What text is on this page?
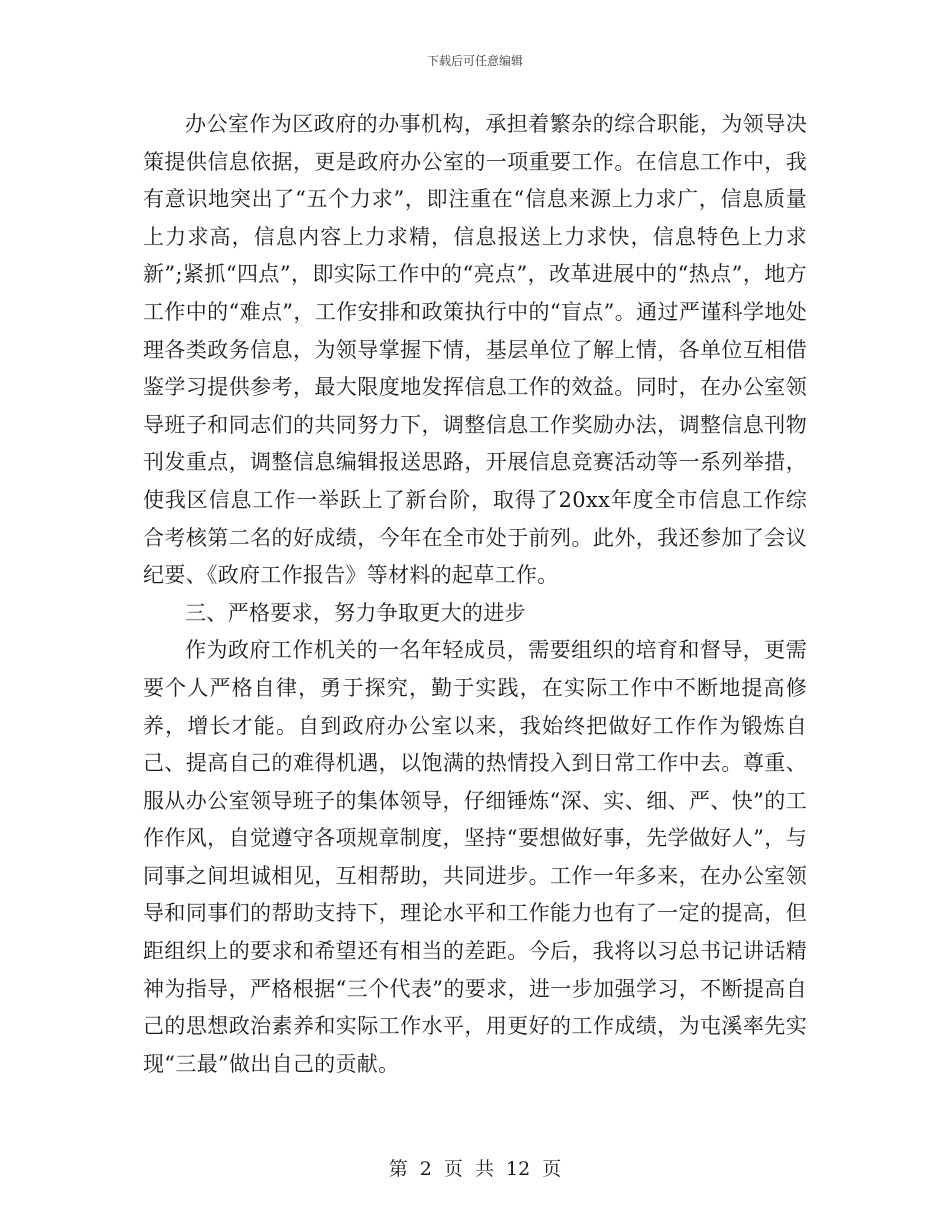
下载后可任意编辑

办公室作为区政府的办事机构，承担着繁杂的综合职能，为领导决策提供信息依据，更是政府办公室的一项重要工作。在信息工作中，我有意识地突出了“五个力求”，即注重在“信息来源上力求广，信息质量上力求高，信息内容上力求精，信息报送上力求快，信息特色上力求新”;紧抓“四点”，即实际工作中的“亮点”，改革进展中的“热点”，地方工作中的“难点”，工作安排和政策执行中的“盲点”。通过严谨科学地处理各类政务信息，为领导掌握下情，基层单位了解上情，各单位互相借鉴学习提供参考，最大限度地发挥信息工作的效益。同时，在办公室领导班子和同志们的共同努力下，调整信息工作奖励办法，调整信息刊物刊发重点，调整信息编辑报送思路，开展信息竞赛活动等一系列举措，使我区信息工作一举跃上了新台阶，取得了20xx年度全市信息工作综合考核第二名的好成绩，今年在全市处于前列。此外，我还参加了会议纪要、《政府工作报告》等材料的起草工作。

三、严格要求，努力争取更大的进步

作为政府工作机关的一名年轻成员，需要组织的培育和督导，更需要个人严格自律，勇于探究，勤于实践，在实际工作中不断地提高修养，增长才能。自到政府办公室以来，我始终把做好工作作为锻炼自己、提高自己的难得机遇，以饱满的热情投入到日常工作中去。尊重、服从办公室领导班子的集体领导，仔细锤炼“深、实、细、严、快”的工作作风，自觉遵守各项规章制度，坚持“要想做好事，先学做好人”，与同事之间坦诚相见，互相帮助，共同进步。工作一年多来，在办公室领导和同事们的帮助支持下，理论水平和工作能力也有了一定的提高，但距组织上的要求和希望还有相当的差距。今后，我将以习总书记讲话精神为指导，严格根据“三个代表”的要求，进一步加强学习，不断提高自己的思想政治素养和实际工作水平，用更好的工作成绩，为屯溪率先实现“三最”做出自己的贡献。

第 2 页 共 12 页
